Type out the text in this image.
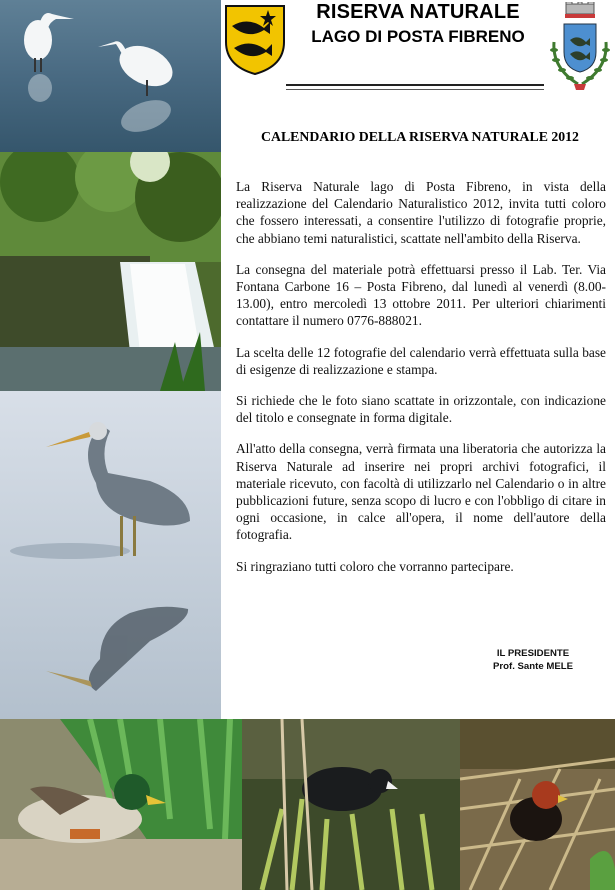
RISERVA NATURALE
LAGO DI POSTA FIBRENO
CALENDARIO DELLA RISERVA NATURALE 2012

La Riserva Naturale lago di Posta Fibreno, in vista della realizzazione del Calendario Naturalistico 2012, invita tutti coloro che fossero interessati, a consentire l'utilizzo di fotografie proprie, che abbiano temi naturalistici, scattate nell'ambito della Riserva.

La consegna del materiale potrà effettuarsi presso il Lab. Ter. Via Fontana Carbone 16 – Posta Fibreno, dal lunedì al venerdì (8.00-13.00), entro mercoledì 13 ottobre 2011. Per ulteriori chiarimenti contattare il numero 0776-888021.

La scelta delle 12 fotografie del calendario verrà effettuata sulla base di esigenze di realizzazione e stampa.

Si richiede che le foto siano scattate in orizzontale, con indicazione del titolo e consegnate in forma digitale.

All'atto della consegna, verrà firmata una liberatoria che autorizza la Riserva Naturale ad inserire nei propri archivi fotografici, il materiale ricevuto, con facoltà di utilizzarlo nel Calendario o in altre pubblicazioni future, senza scopo di lucro e con l'obbligo di citare in ogni occasione, in calce all'opera, il nome dell'autore della fotografia.

Si ringraziano tutti coloro che vorranno partecipare.

IL PRESIDENTE
Prof. Sante MELE
